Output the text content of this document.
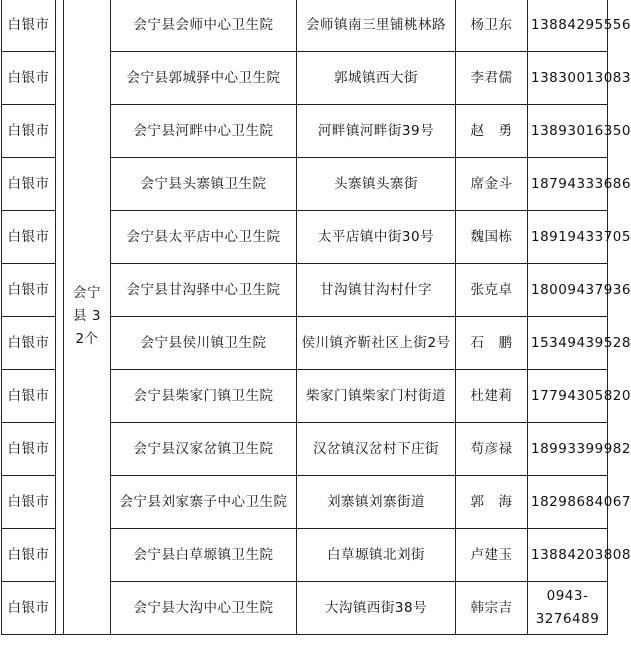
白银市		会宁县 3 2个	会宁县会师中心卫生院	会师镇南三里铺桃林路	杨卫东	13884295556
白银市			会宁县郭城驿中心卫生院	郭城镇西大街	李君儒	13830013083
白银市			会宁县河畔中心卫生院	河畔镇河畔街39号	赵　勇	13893016350
白银市			会宁县头寨镇卫生院	头寨镇头寨街	席金斗	18794333686
白银市			会宁县太平店中心卫生院	太平店镇中街30号	魏国栋	18919433705
白银市			会宁县甘沟驿中心卫生院	甘沟镇甘沟村什字	张克卓	18009437936
白银市			会宁县侯川镇卫生院	侯川镇齐靳社区上街2号	石　鹏	15349439528
白银市			会宁县柴家门镇卫生院	柴家门镇柴家门村街道	杜建莉	17794305820
白银市			会宁县汉家岔镇卫生院	汉岔镇汉岔村下庄街	苟彦禄	18993399982
白银市			会宁县刘家寨子中心卫生院	刘寨镇刘寨街道	郭　海	18298684067
白银市			会宁县白草塬镇卫生院	白草塬镇北刘街	卢建玉	13884203808
白银市			会宁县大沟中心卫生院	大沟镇西街38号	韩宗吉	0943-3276489
